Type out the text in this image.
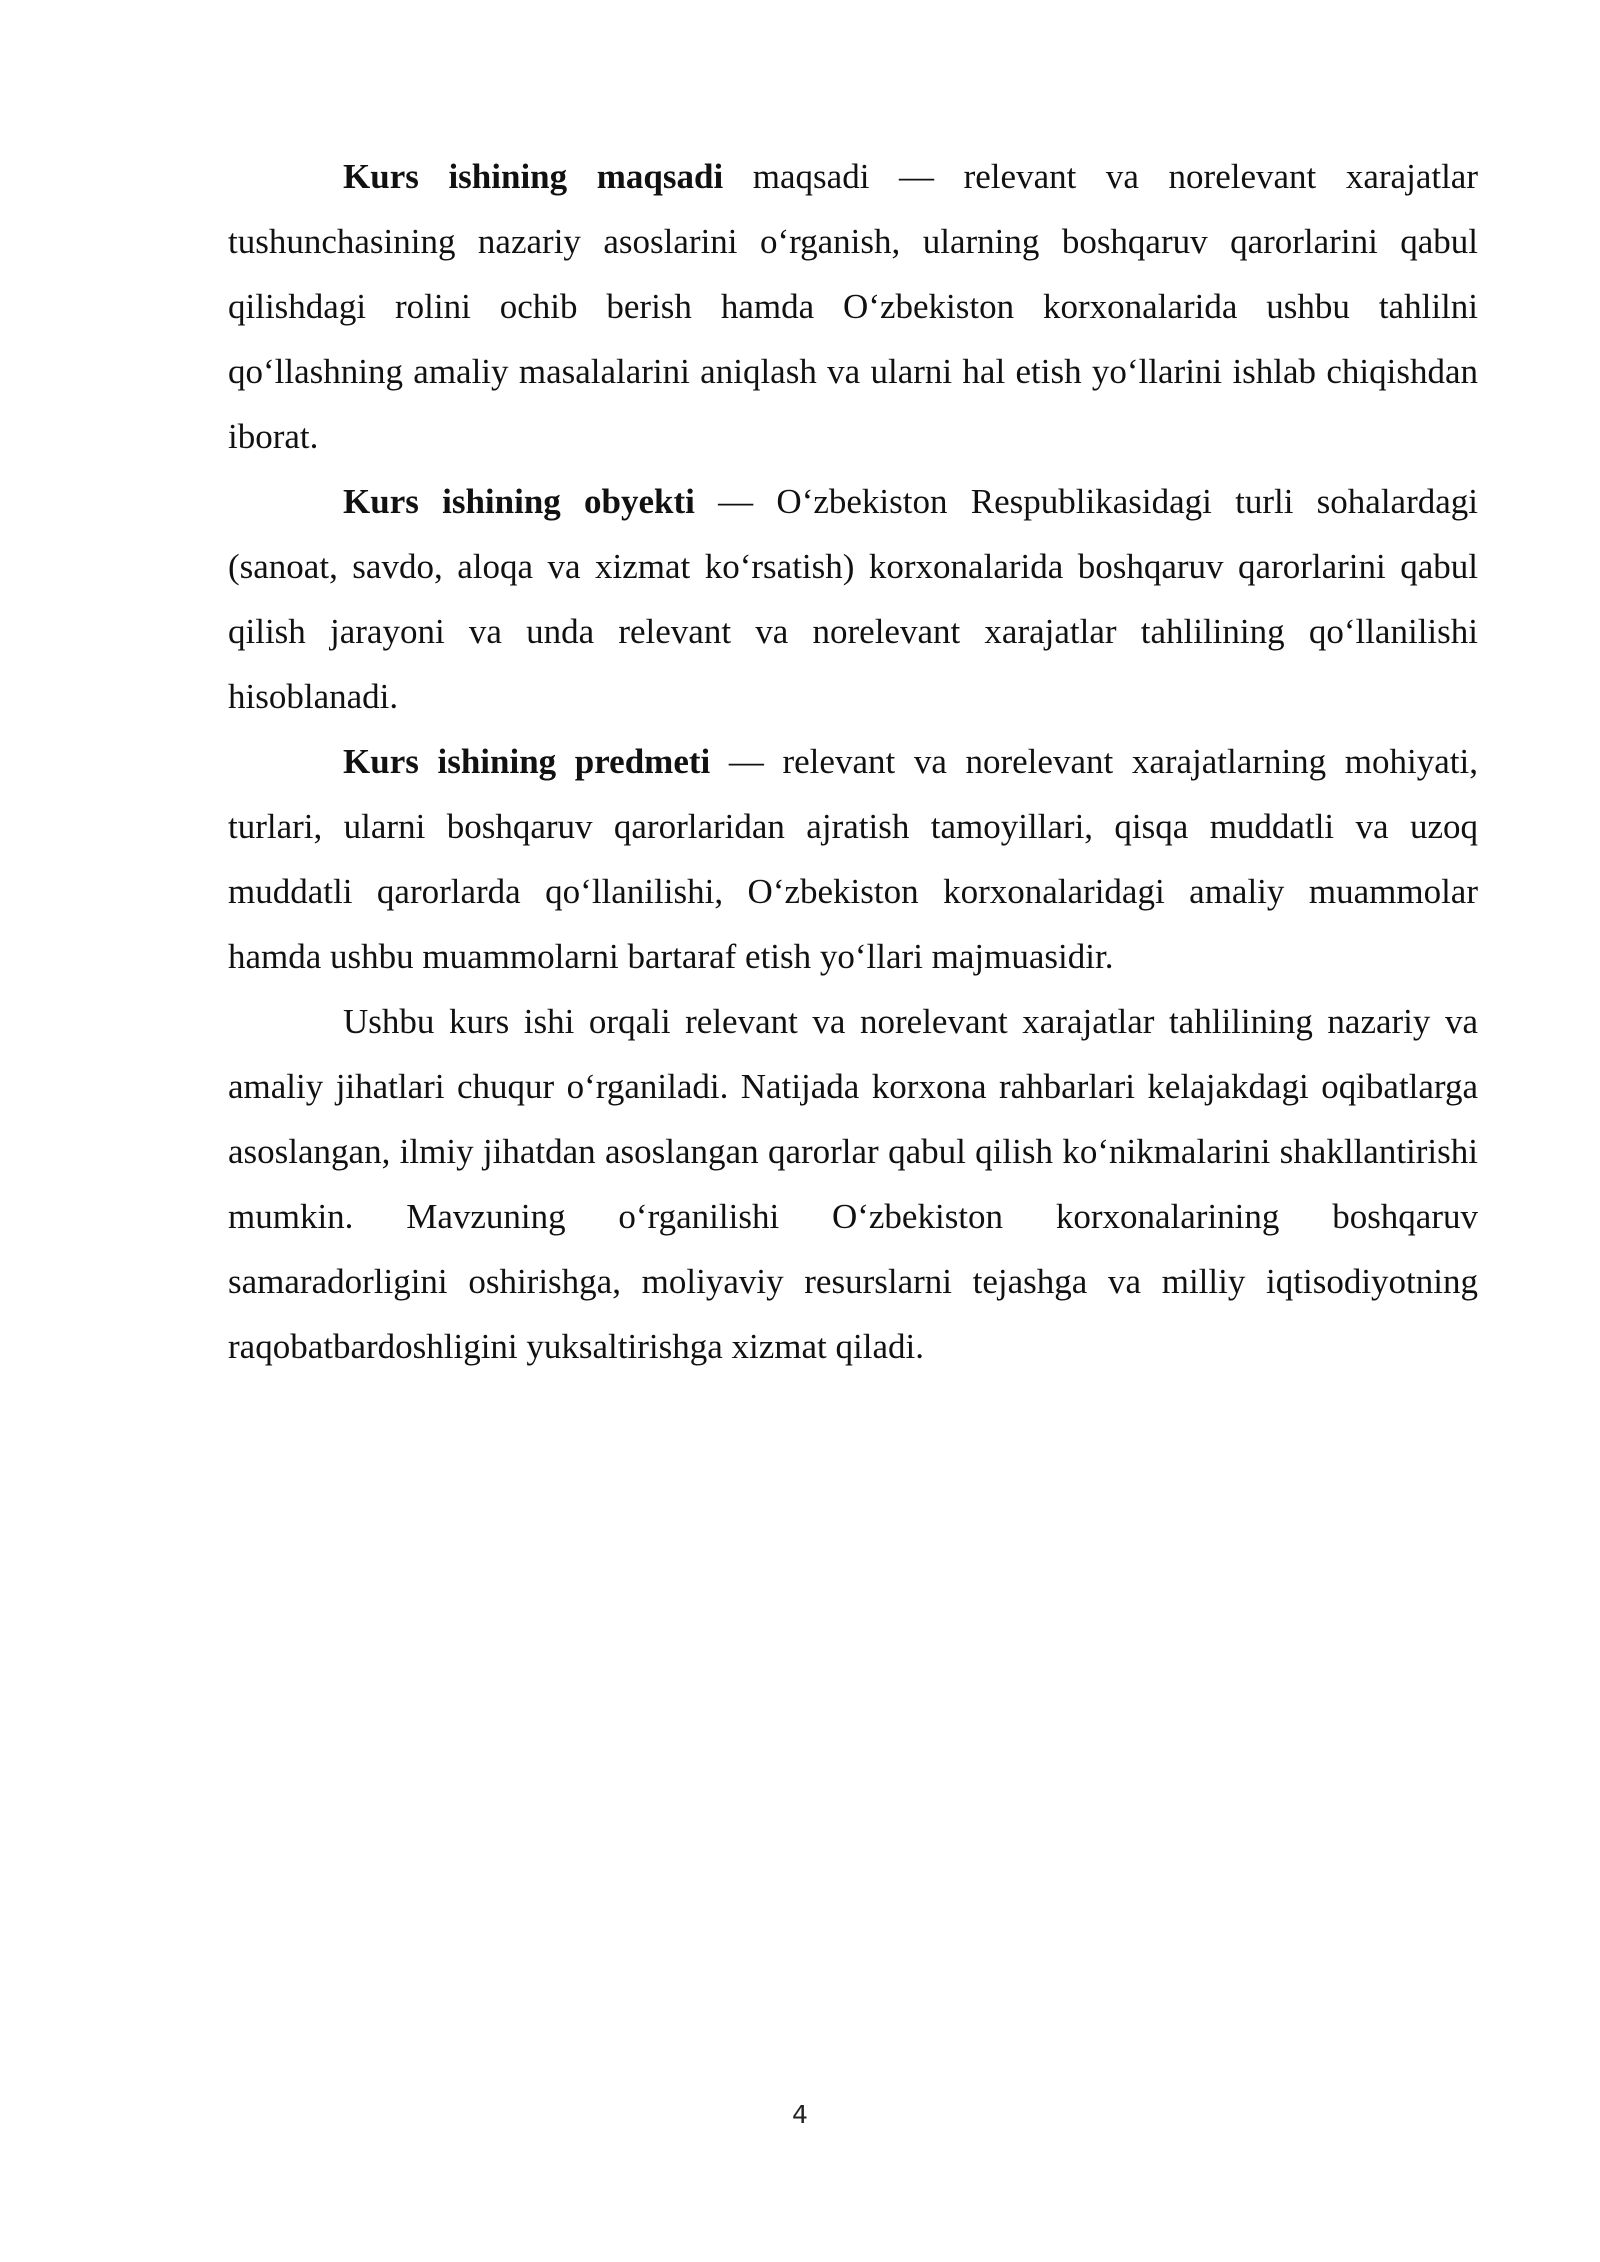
Kurs ishining maqsadi maqsadi — relevant va norelevant xarajatlar tushunchasining nazariy asoslarini o‘rganish, ularning boshqaruv qarorlarini qabul qilishdagi rolini ochib berish hamda O‘zbekiston korxonalarida ushbu tahlilni qo‘llashning amaliy masalalarini aniqlash va ularni hal etish yo‘llarini ishlab chiqishdan iborat.

Kurs ishining obyekti — O‘zbekiston Respublikasidagi turli sohalardagi (sanoat, savdo, aloqa va xizmat ko‘rsatish) korxonalarida boshqaruv qarorlarini qabul qilish jarayoni va unda relevant va norelevant xarajatlar tahlilining qo‘llanilishi hisoblanadi.

Kurs ishining predmeti — relevant va norelevant xarajatlarning mohiyati, turlari, ularni boshqaruv qarorlaridan ajratish tamoyillari, qisqa muddatli va uzoq muddatli qarorlarda qo‘llanilishi, O‘zbekiston korxonalaridagi amaliy muammolar hamda ushbu muammolarni bartaraf etish yo‘llari majmuasidir.

Ushbu kurs ishi orqali relevant va norelevant xarajatlar tahlilining nazariy va amaliy jihatlari chuqur o‘rganiladi. Natijada korxona rahbarlari kelajakdagi oqibatlarga asoslangan, ilmiy jihatdan asoslangan qarorlar qabul qilish ko‘nikmalarini shakllantirishi mumkin. Mavzuning o‘rganilishi O‘zbekiston korxonalarining boshqaruv samaradorligini oshirishga, moliyaviy resurslarni tejashga va milliy iqtisodiyotning raqobatbardoshligini yuksaltirishga xizmat qiladi.

4
